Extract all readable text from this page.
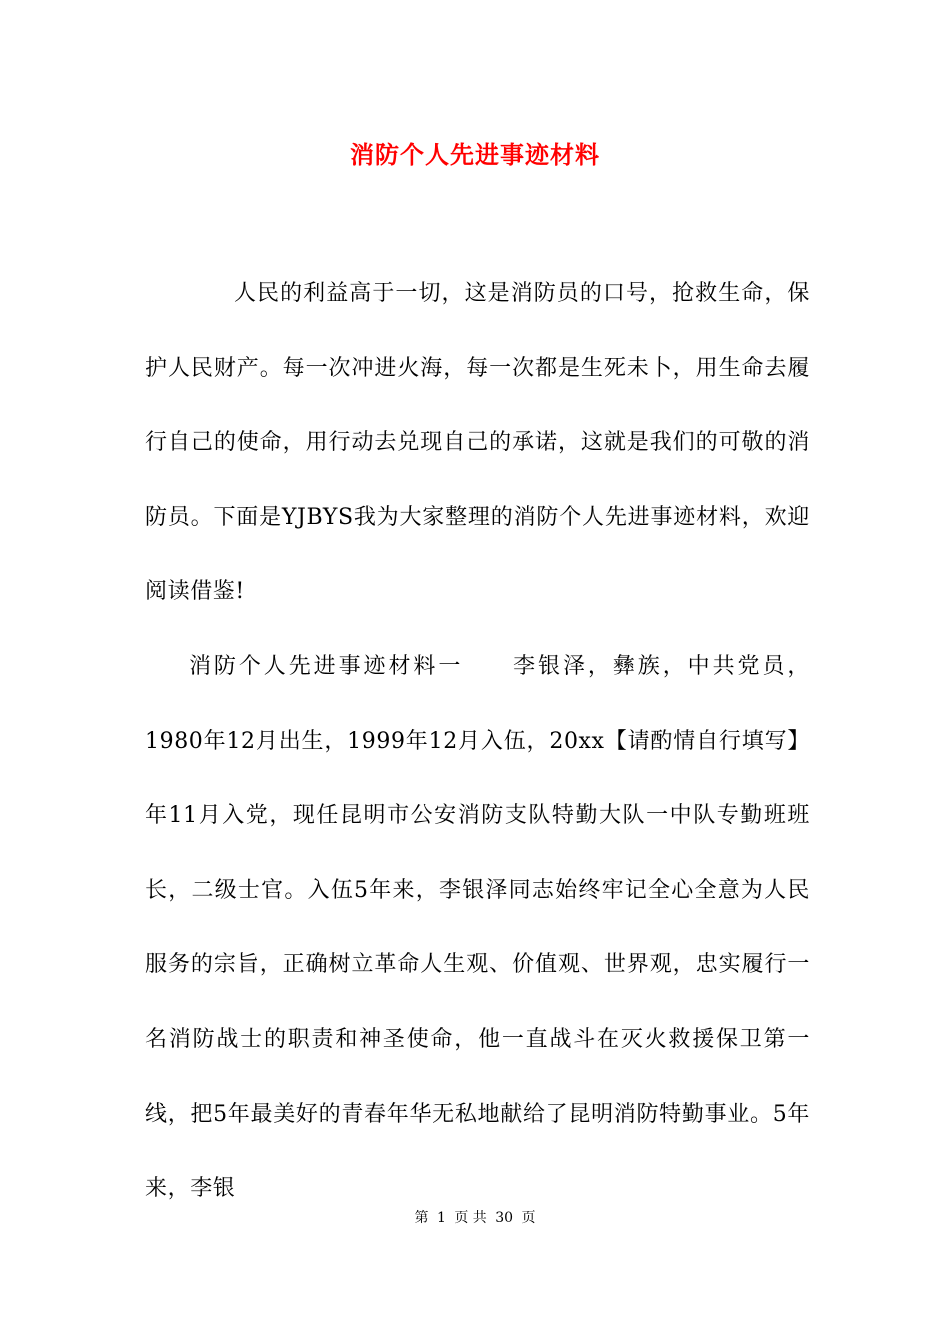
消防个人先进事迹材料
人民的利益高于一切，这是消防员的口号，抢救生命，保护人民财产。每一次冲进火海，每一次都是生死未卜，用生命去履行自己的使命，用行动去兑现自己的承诺，这就是我们的可敬的消防员。下面是YJBYS我为大家整理的消防个人先进事迹材料，欢迎阅读借鉴!
消防个人先进事迹材料一　　李银泽，彝族，中共党员，1980年12月出生，1999年12月入伍，20xx【请酌情自行填写】年11月入党，现任昆明市公安消防支队特勤大队一中队专勤班班长，二级士官。入伍5年来，李银泽同志始终牢记全心全意为人民服务的宗旨，正确树立革命人生观、价值观、世界观，忠实履行一名消防战士的职责和神圣使命，他一直战斗在灭火救援保卫第一线，把5年最美好的青春年华无私地献给了昆明消防特勤事业。5年来，李银
第 1 页 共 30 页
